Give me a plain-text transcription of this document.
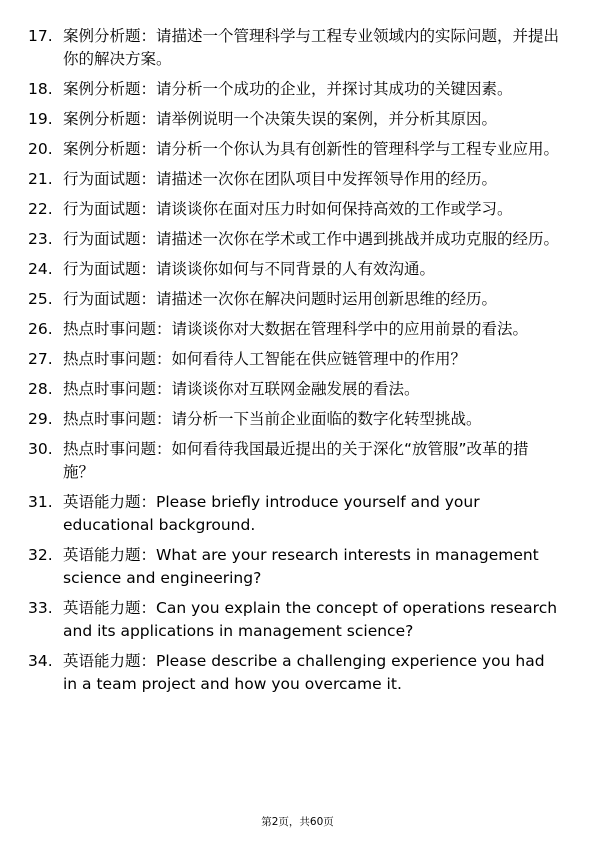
17. 案例分析题：请描述一个管理科学与工程专业领域内的实际问题，并提出你的解决方案。
18. 案例分析题：请分析一个成功的企业，并探讨其成功的关键因素。
19. 案例分析题：请举例说明一个决策失误的案例，并分析其原因。
20. 案例分析题：请分析一个你认为具有创新性的管理科学与工程专业应用。
21. 行为面试题：请描述一次你在团队项目中发挥领导作用的经历。
22. 行为面试题：请谈谈你在面对压力时如何保持高效的工作或学习。
23. 行为面试题：请描述一次你在学术或工作中遇到挑战并成功克服的经历。
24. 行为面试题：请谈谈你如何与不同背景的人有效沟通。
25. 行为面试题：请描述一次你在解决问题时运用创新思维的经历。
26. 热点时事问题：请谈谈你对大数据在管理科学中的应用前景的看法。
27. 热点时事问题：如何看待人工智能在供应链管理中的作用？
28. 热点时事问题：请谈谈你对互联网金融发展的看法。
29. 热点时事问题：请分析一下当前企业面临的数字化转型挑战。
30. 热点时事问题：如何看待我国最近提出的关于深化“放管服”改革的措施？
31. 英语能力题：Please briefly introduce yourself and your educational background.
32. 英语能力题：What are your research interests in management science and engineering?
33. 英语能力题：Can you explain the concept of operations research and its applications in management science?
34. 英语能力题：Please describe a challenging experience you had in a team project and how you overcame it.
第2页，共60页
